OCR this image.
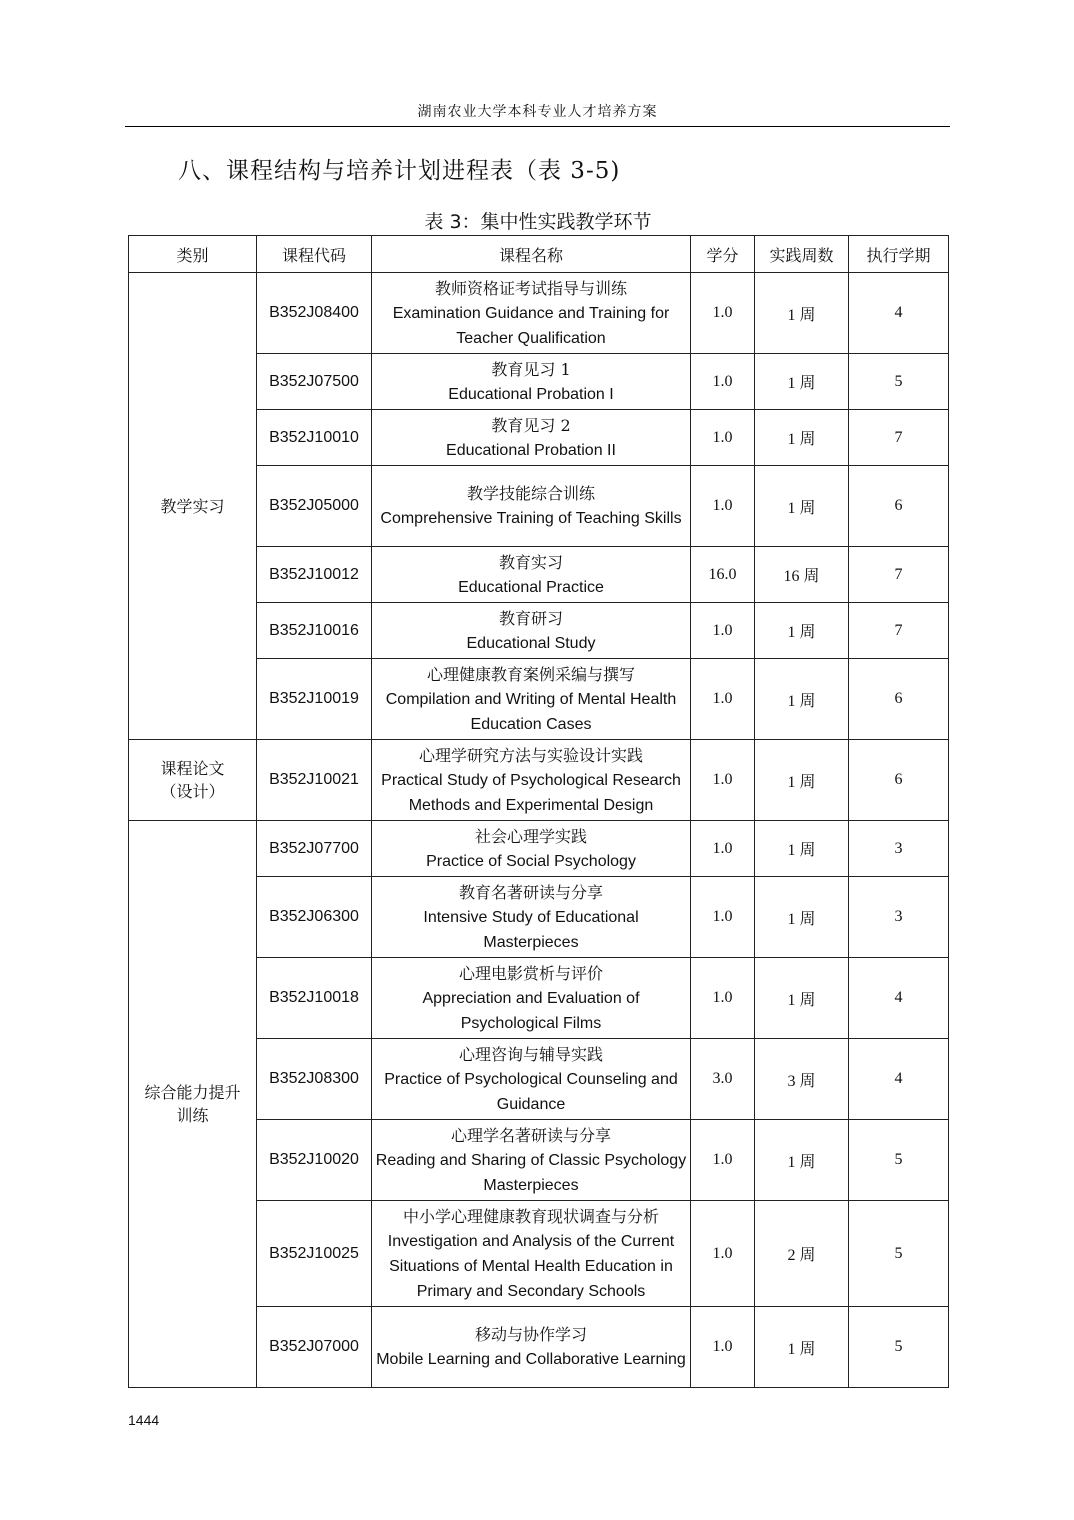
湖南农业大学本科专业人才培养方案
八、课程结构与培养计划进程表（表 3-5)
表 3：集中性实践教学环节
类别	课程代码	课程名称	学分	实践周数	执行学期
教学实习	B352J08400	教师资格证考试指导与训练
Examination Guidance and Training for Teacher Qualification	1.0	1 周	4
	B352J07500	教育见习 1
Educational Probation I	1.0	1 周	5
	B352J10010	教育见习 2
Educational Probation II	1.0	1 周	7
	B352J05000	教学技能综合训练
Comprehensive Training of Teaching Skills	1.0	1 周	6
	B352J10012	教育实习
Educational Practice	16.0	16 周	7
	B352J10016	教育研习
Educational Study	1.0	1 周	7
	B352J10019	心理健康教育案例采编与撰写
Compilation and Writing of Mental Health Education Cases	1.0	1 周	6
课程论文
（设计）	B352J10021	心理学研究方法与实验设计实践
Practical Study of Psychological Research Methods and Experimental Design	1.0	1 周	6
综合能力提升
训练	B352J07700	社会心理学实践
Practice of Social Psychology	1.0	1 周	3
	B352J06300	教育名著研读与分享
Intensive Study of Educational Masterpieces	1.0	1 周	3
	B352J10018	心理电影赏析与评价
Appreciation and Evaluation of Psychological Films	1.0	1 周	4
	B352J08300	心理咨询与辅导实践
Practice of Psychological Counseling and Guidance	3.0	3 周	4
	B352J10020	心理学名著研读与分享
Reading and Sharing of Classic Psychology Masterpieces	1.0	1 周	5
	B352J10025	中小学心理健康教育现状调查与分析
Investigation and Analysis of the Current Situations of Mental Health Education in Primary and Secondary Schools	1.0	2 周	5
	B352J07000	移动与协作学习
Mobile Learning and Collaborative Learning	1.0	1 周	5
1444
